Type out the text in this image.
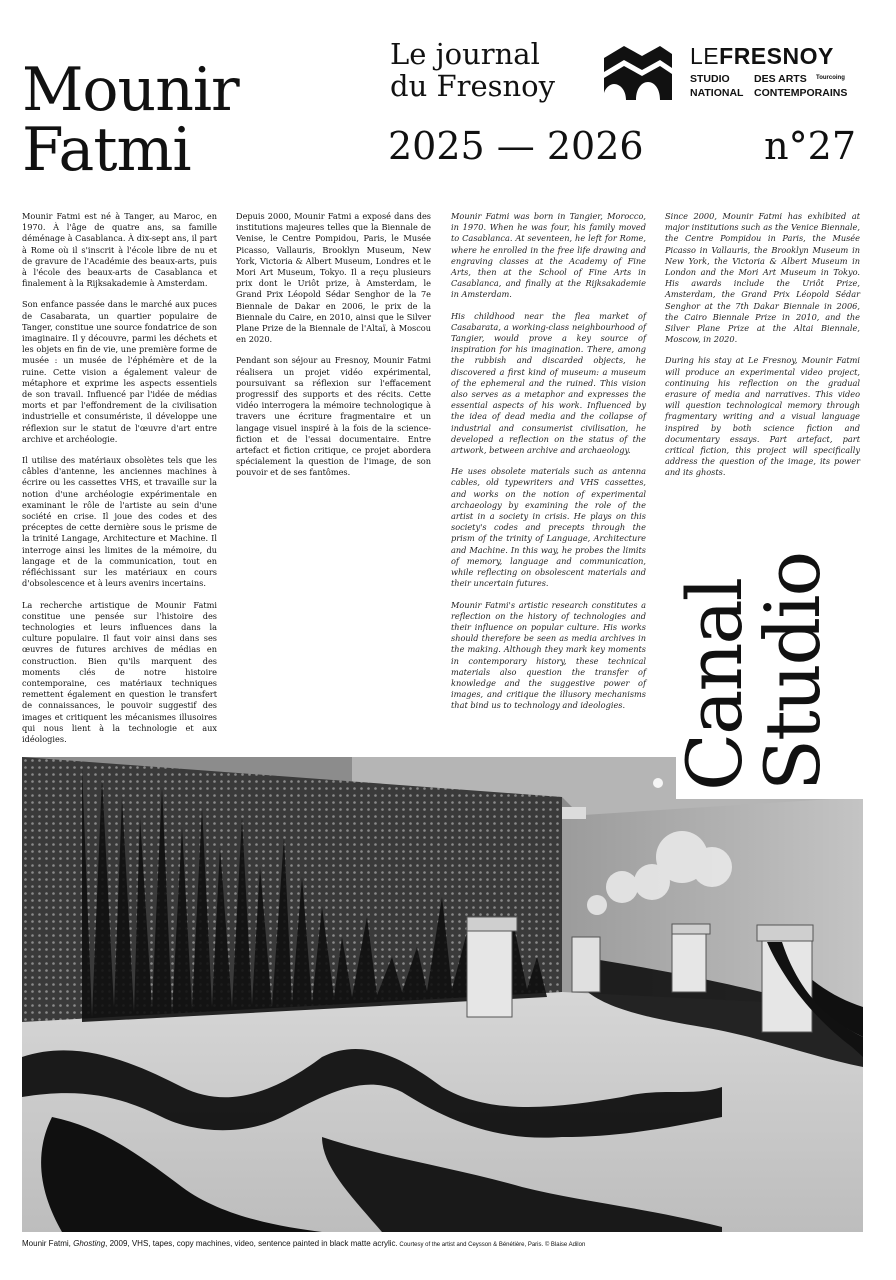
Mounir
Fatmi
Le journal
du Fresnoy
2025 — 2026	n°27
LEFRESNOY
STUDIO
NATIONAL
DES ARTS
CONTEMPORAINS
Tourcoing

Mounir Fatmi est né à Tanger, au Maroc, en 1970. À l'âge de quatre ans, sa famille déménage à Casablanca. À dix-sept ans, il part à Rome où il s'inscrit à l'école libre de nu et de gravure de l'Académie des beaux-arts, puis à l'école des beaux-arts de Casablanca et finalement à la Rijksakademie à Amsterdam.

Son enfance passée dans le marché aux puces de Casabarata, un quartier populaire de Tanger, constitue une source fondatrice de son imaginaire. Il y découvre, parmi les déchets et les objets en fin de vie, une première forme de musée : un musée de l'éphémère et de la ruine. Cette vision a également valeur de métaphore et exprime les aspects essentiels de son travail. Influencé par l'idée de médias morts et par l'effondrement de la civilisation industrielle et consumériste, il développe une réflexion sur le statut de l'œuvre d'art entre archive et archéologie.

Il utilise des matériaux obsolètes tels que les câbles d'antenne, les anciennes machines à écrire ou les cassettes VHS, et travaille sur la notion d'une archéologie expérimentale en examinant le rôle de l'artiste au sein d'une société en crise. Il joue des codes et des préceptes de cette dernière sous le prisme de la trinité Langage, Architecture et Machine. Il interroge ainsi les limites de la mémoire, du langage et de la communication, tout en réfléchissant sur les matériaux en cours d'obsolescence et à leurs avenirs incertains.

La recherche artistique de Mounir Fatmi constitue une pensée sur l'histoire des technologies et leurs influences dans la culture populaire. Il faut voir ainsi dans ses œuvres de futures archives de médias en construction. Bien qu'ils marquent des moments clés de notre histoire contemporaine, ces matériaux techniques remettent également en question le transfert de connaissances, le pouvoir suggestif des images et critiquent les mécanismes illusoires qui nous lient à la technologie et aux idéologies.

Depuis 2000, Mounir Fatmi a exposé dans des institutions majeures telles que la Biennale de Venise, le Centre Pompidou, Paris, le Musée Picasso, Vallauris, Brooklyn Museum, New York, Victoria & Albert Museum, Londres et le Mori Art Museum, Tokyo. Il a reçu plusieurs prix dont le Uriôt prize, à Amsterdam, le Grand Prix Léopold Sédar Senghor de la 7e Biennale de Dakar en 2006, le prix de la Biennale du Caire, en 2010, ainsi que le Silver Plane Prize de la Biennale de l'Altaï, à Moscou en 2020.

Pendant son séjour au Fresnoy, Mounir Fatmi réalisera un projet vidéo expérimental, poursuivant sa réflexion sur l'effacement progressif des supports et des récits. Cette vidéo interrogera la mémoire technologique à travers une écriture fragmentaire et un langage visuel inspiré à la fois de la science-fiction et de l'essai documentaire. Entre artefact et fiction critique, ce projet abordera spécialement la question de l'image, de son pouvoir et de ses fantômes.

Mounir Fatmi was born in Tangier, Morocco, in 1970. When he was four, his family moved to Casablanca. At seventeen, he left for Rome, where he enrolled in the free life drawing and engraving classes at the Academy of Fine Arts, then at the School of Fine Arts in Casablanca, and finally at the Rijksakademie in Amsterdam.

His childhood near the flea market of Casabarata, a working-class neighbourhood of Tangier, would prove a key source of inspiration for his imagination. There, among the rubbish and discarded objects, he discovered a first kind of museum: a museum of the ephemeral and the ruined. This vision also serves as a metaphor and expresses the essential aspects of his work. Influenced by the idea of dead media and the collapse of industrial and consumerist civilisation, he developed a reflection on the status of the artwork, between archive and archaeology.

He uses obsolete materials such as antenna cables, old typewriters and VHS cassettes, and works on the notion of experimental archaeology by examining the role of the artist in a society in crisis. He plays on this society's codes and precepts through the prism of the trinity of Language, Architecture and Machine. In this way, he probes the limits of memory, language and communication, while reflecting on obsolescent materials and their uncertain futures.

Mounir Fatmi's artistic research constitutes a reflection on the history of technologies and their influence on popular culture. His works should therefore be seen as media archives in the making. Although they mark key moments in contemporary history, these technical materials also question the transfer of knowledge and the suggestive power of images, and critique the illusory mechanisms that bind us to technology and ideologies.

Since 2000, Mounir Fatmi has exhibited at major institutions such as the Venice Biennale, the Centre Pompidou in Paris, the Musée Picasso in Vallauris, the Brooklyn Museum in New York, the Victoria & Albert Museum in London and the Mori Art Museum in Tokyo. His awards include the Uriôt Prize, Amsterdam, the Grand Prix Léopold Sédar Senghor at the 7th Dakar Biennale in 2006, the Cairo Biennale Prize in 2010, and the Silver Plane Prize at the Altai Biennale, Moscow, in 2020.

During his stay at Le Fresnoy, Mounir Fatmi will produce an experimental video project, continuing his reflection on the gradual erasure of media and narratives. This video will question technological memory through fragmentary writing and a visual language inspired by both science fiction and documentary essays. Part artefact, part critical fiction, this project will specifically address the question of the image, its power and its ghosts.

Canal
Studio
Mounir Fatmi, Ghosting, 2009, VHS, tapes, copy machines, video, sentence painted in black matte acrylic. Courtesy of the artist and Ceysson & Bénétière, Paris. © Blaise Adilon
